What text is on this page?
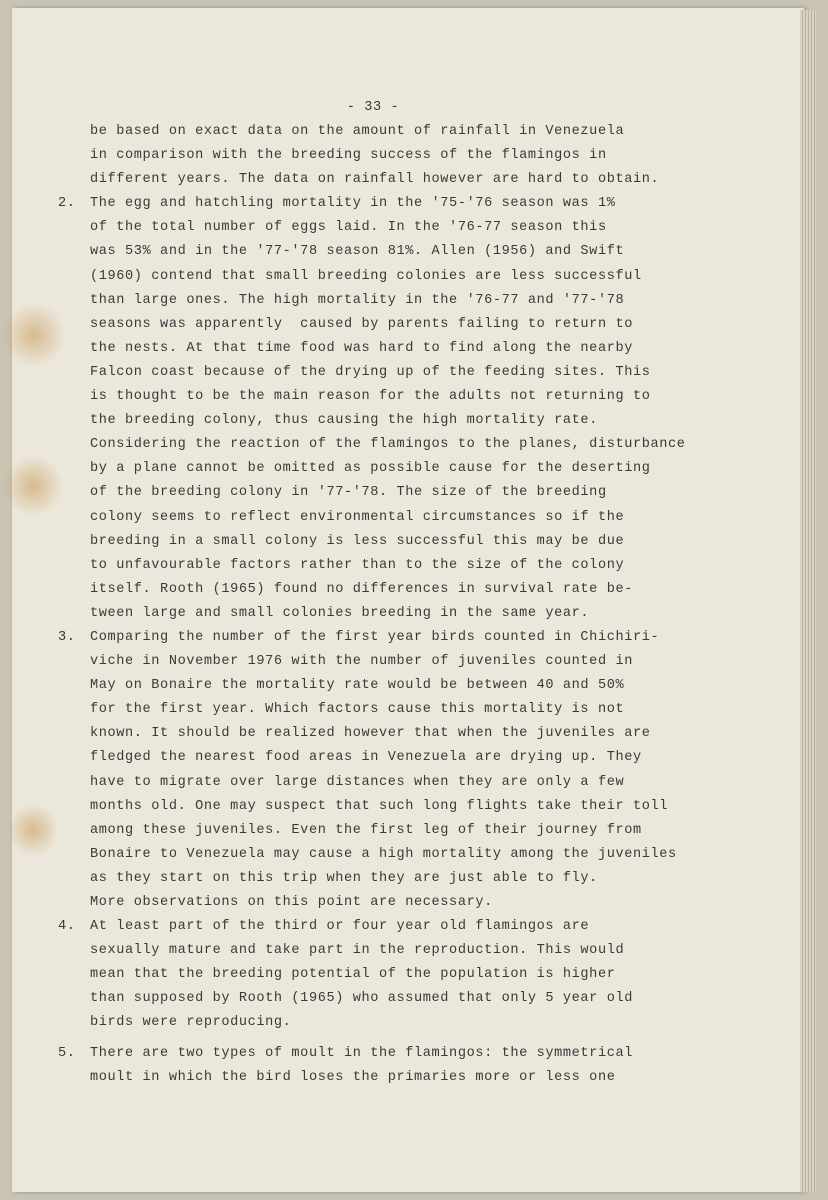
- 33 -
be based on exact data on the amount of rainfall in Venezuela
in comparison with the breeding success of the flamingos in
different years. The data on rainfall however are hard to obtain.
2.	The egg and hatchling mortality in the '75-'76 season was 1%
of the total number of eggs laid. In the '76-77 season this
was 53% and in the '77-'78 season 81%. Allen (1956) and Swift
(1960) contend that small breeding colonies are less successful
than large ones. The high mortality in the '76-77 and '77-'78
seasons was apparently  caused by parents failing to return to
the nests. At that time food was hard to find along the nearby
Falcon coast because of the drying up of the feeding sites. This
is thought to be the main reason for the adults not returning to
the breeding colony, thus causing the high mortality rate.
Considering the reaction of the flamingos to the planes, disturbance
by a plane cannot be omitted as possible cause for the deserting
of the breeding colony in '77-'78. The size of the breeding
colony seems to reflect environmental circumstances so if the
breeding in a small colony is less successful this may be due
to unfavourable factors rather than to the size of the colony
itself. Rooth (1965) found no differences in survival rate be-
tween large and small colonies breeding in the same year.
3.	Comparing the number of the first year birds counted in Chichiri-
viche in November 1976 with the number of juveniles counted in
May on Bonaire the mortality rate would be between 40 and 50%
for the first year. Which factors cause this mortality is not
known. It should be realized however that when the juveniles are
fledged the nearest food areas in Venezuela are drying up. They
have to migrate over large distances when they are only a few
months old. One may suspect that such long flights take their toll
among these juveniles. Even the first leg of their journey from
Bonaire to Venezuela may cause a high mortality among the juveniles
as they start on this trip when they are just able to fly.
More observations on this point are necessary.
4.	At least part of the third or four year old flamingos are
sexually mature and take part in the reproduction. This would
mean that the breeding potential of the population is higher
than supposed by Rooth (1965) who assumed that only 5 year old
birds were reproducing.
5.	There are two types of moult in the flamingos: the symmetrical
moult in which the bird loses the primaries more or less one
